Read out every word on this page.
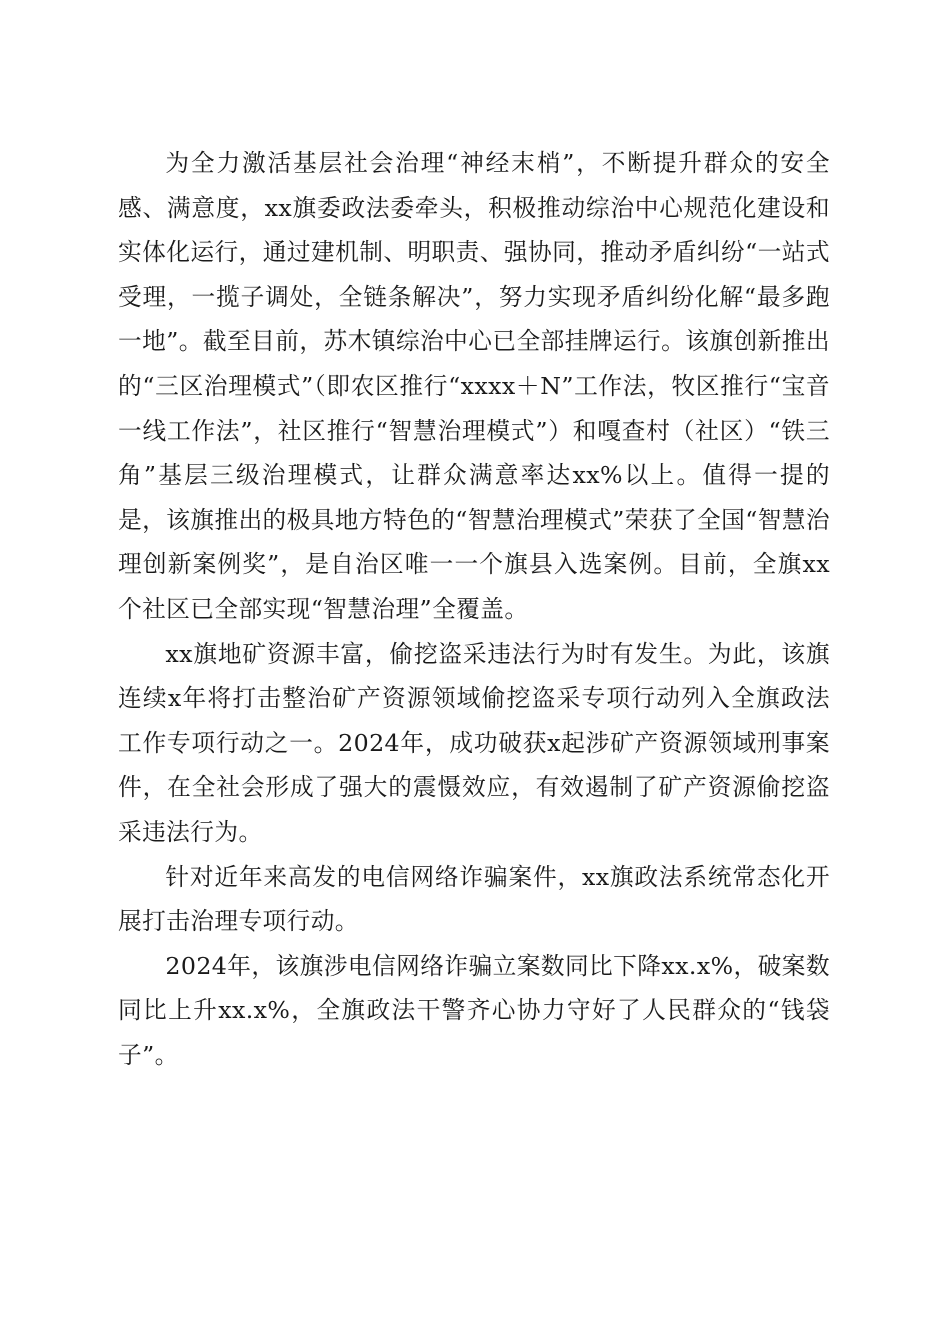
为全力激活基层社会治理“神经末梢”，不断提升群众的安全感、满意度，xx旗委政法委牵头，积极推动综治中心规范化建设和实体化运行，通过建机制、明职责、强协同，推动矛盾纠纷“一站式受理，一揽子调处，全链条解决”，努力实现矛盾纠纷化解“最多跑一地”。截至目前，苏木镇综治中心已全部挂牌运行。该旗创新推出的“三区治理模式”（即农区推行“xxxx＋N”工作法，牧区推行“宝音一线工作法”，社区推行“智慧治理模式”）和嘎查村（社区）“铁三角”基层三级治理模式，让群众满意率达xx%以上。值得一提的是，该旗推出的极具地方特色的“智慧治理模式”荣获了全国“智慧治理创新案例奖”，是自治区唯一一个旗县入选案例。目前，全旗xx个社区已全部实现“智慧治理”全覆盖。

xx旗地矿资源丰富，偷挖盗采违法行为时有发生。为此，该旗连续x年将打击整治矿产资源领域偷挖盗采专项行动列入全旗政法工作专项行动之一。2024年，成功破获x起涉矿产资源领域刑事案件，在全社会形成了强大的震慑效应，有效遏制了矿产资源偷挖盗采违法行为。

针对近年来高发的电信网络诈骗案件，xx旗政法系统常态化开展打击治理专项行动。

2024年，该旗涉电信网络诈骗立案数同比下降xx.x%，破案数同比上升xx.x%，全旗政法干警齐心协力守好了人民群众的“钱袋子”。
